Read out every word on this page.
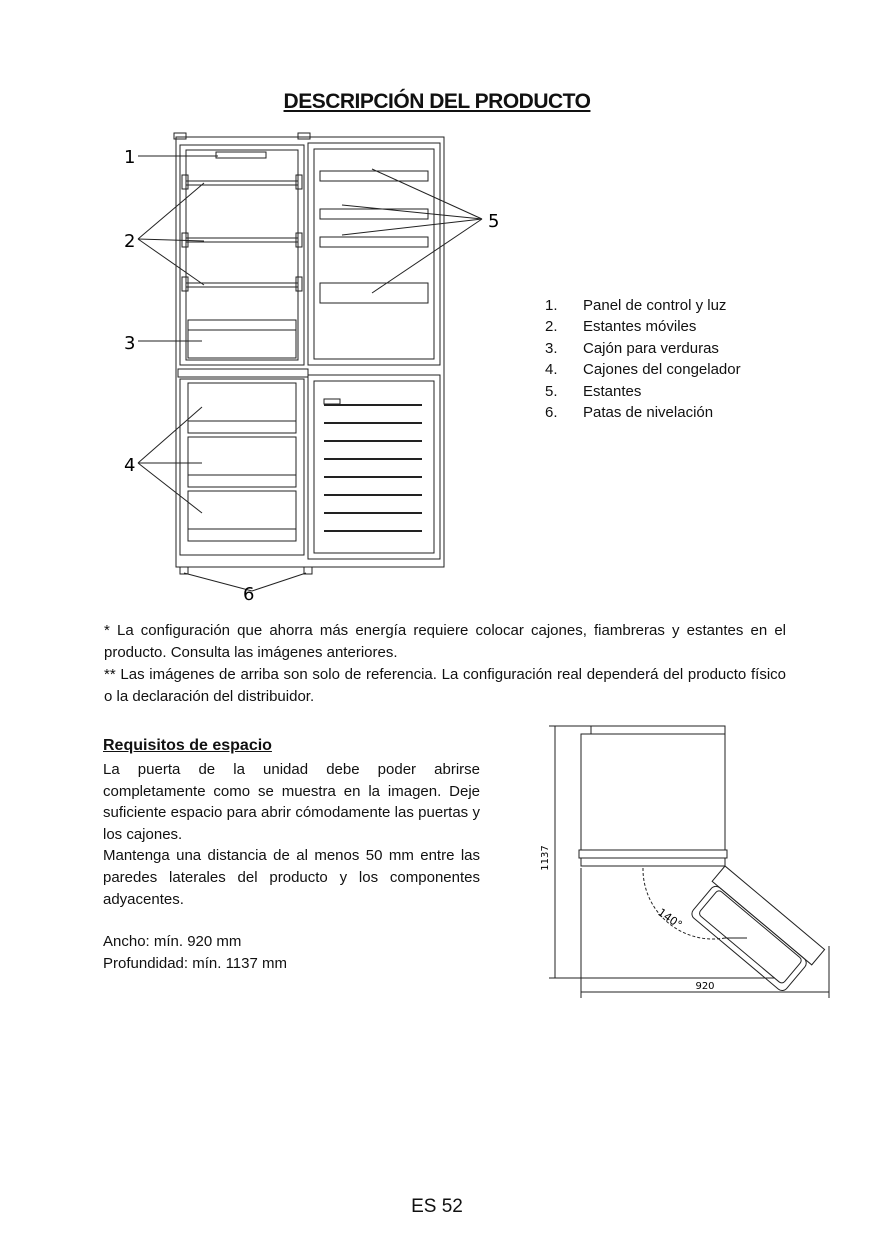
DESCRIPCIÓN DEL PRODUCTO
1
2
3
4
5
6
1.	Panel de control y luz
2.	Estantes móviles
3.	Cajón para verduras
4.	Cajones del congelador
5.	Estantes
6.	Patas de nivelación

* La configuración que ahorra más energía requiere colocar cajones, fiambreras y estantes en el producto. Consulta las imágenes anteriores.

** Las imágenes de arriba son solo de referencia. La configuración real dependerá del producto físico o la declaración del distribuidor.

Requisitos de espacio

La puerta de la unidad debe poder abrirse completamente como se muestra en la imagen. Deje suficiente espacio para abrir cómodamente las puertas y los cajones.

Mantenga una distancia de al menos 50 mm entre las paredes laterales del producto y los componentes adyacentes.

Ancho: mín. 920 mm

Profundidad: mín. 1137 mm

1137
920
140°
ES 52
